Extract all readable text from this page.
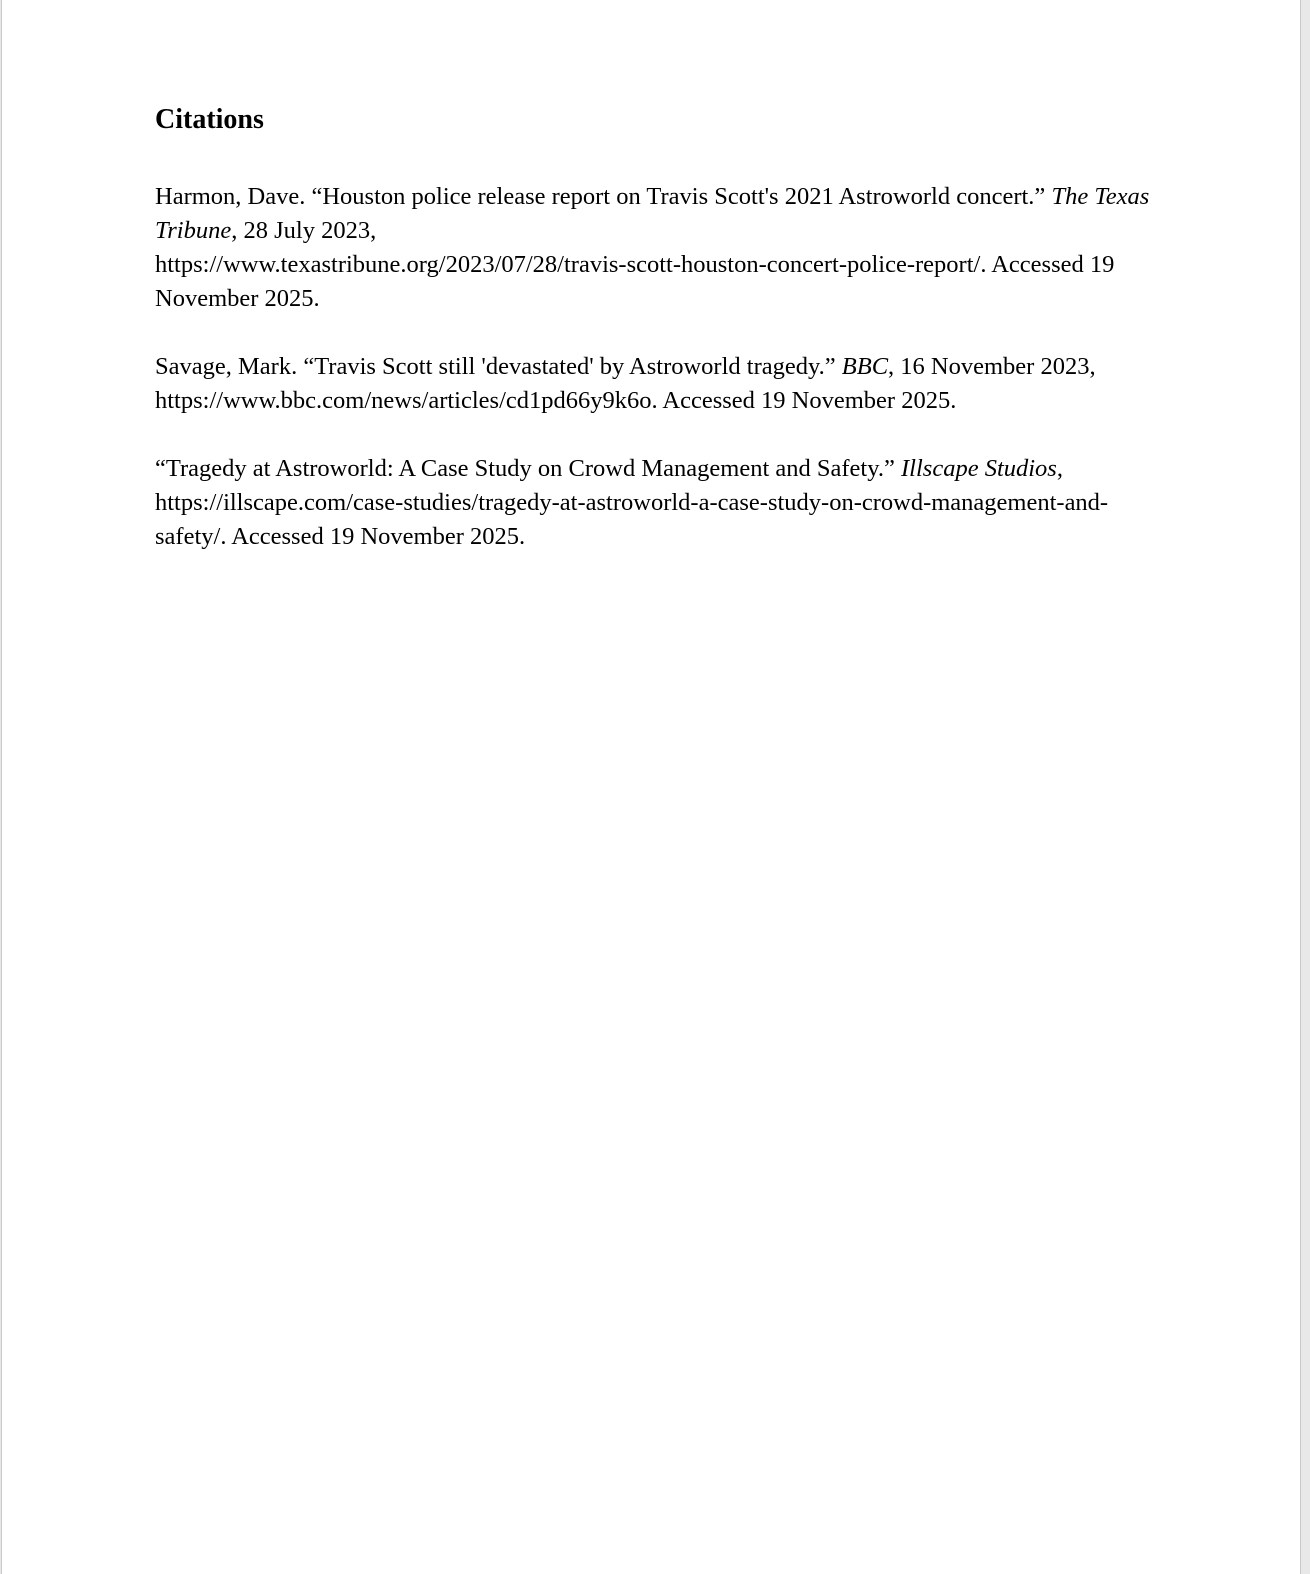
Citations

Harmon, Dave. “Houston police release report on Travis Scott's 2021 Astroworld concert.” The Texas Tribune, 28 July 2023,
https://www.texastribune.org/2023/07/28/travis-scott-houston-concert-police-report/. Accessed 19 November 2025.

Savage, Mark. “Travis Scott still 'devastated' by Astroworld tragedy.” BBC, 16 November 2023, https://www.bbc.com/news/articles/cd1pd66y9k6o. Accessed 19 November 2025.

“Tragedy at Astroworld: A Case Study on Crowd Management and Safety.” Illscape Studios, https://illscape.com/case-studies/tragedy-at-astroworld-a-case-study-on-crowd-management-and-safety/. Accessed 19 November 2025.
